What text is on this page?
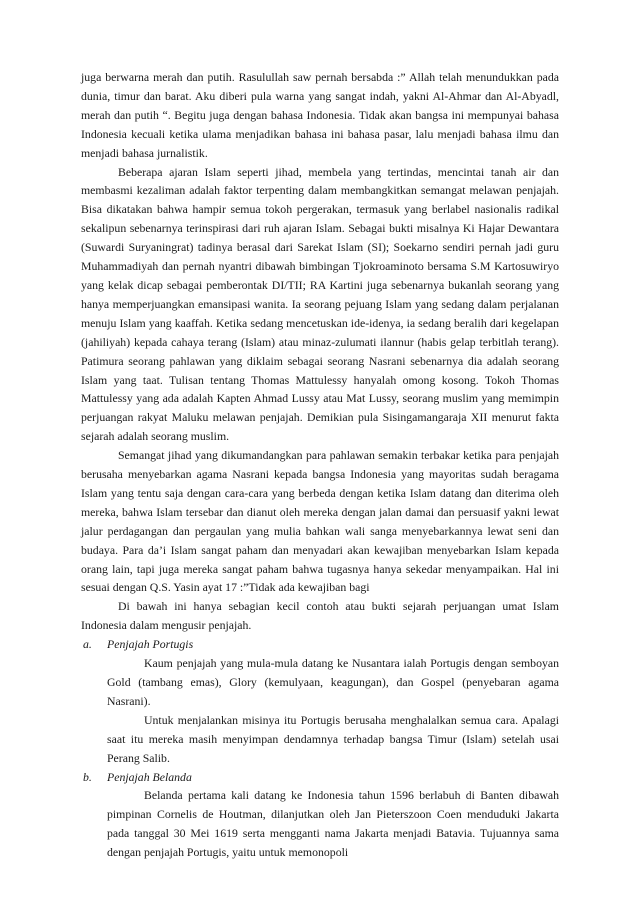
juga berwarna merah dan putih. Rasulullah saw pernah bersabda :” Allah telah menundukkan pada dunia, timur dan barat. Aku diberi pula warna yang sangat indah, yakni Al-Ahmar dan Al-Abyadl, merah dan putih “. Begitu juga dengan bahasa Indonesia. Tidak akan bangsa ini mempunyai bahasa Indonesia kecuali ketika ulama menjadikan bahasa ini bahasa pasar, lalu menjadi bahasa ilmu dan menjadi bahasa jurnalistik.

Beberapa ajaran Islam seperti jihad, membela yang tertindas, mencintai tanah air dan membasmi kezaliman adalah faktor terpenting dalam membangkitkan semangat melawan penjajah. Bisa dikatakan bahwa hampir semua tokoh pergerakan, termasuk yang berlabel nasionalis radikal sekalipun sebenarnya terinspirasi dari ruh ajaran Islam. Sebagai bukti misalnya Ki Hajar Dewantara (Suwardi Suryaningrat) tadinya berasal dari Sarekat Islam (SI); Soekarno sendiri pernah jadi guru Muhammadiyah dan pernah nyantri dibawah bimbingan Tjokroaminoto bersama S.M Kartosuwiryo yang kelak dicap sebagai pemberontak DI/TII; RA Kartini juga sebenarnya bukanlah seorang yang hanya memperjuangkan emansipasi wanita. Ia seorang pejuang Islam yang sedang dalam perjalanan menuju Islam yang kaaffah. Ketika sedang mencetuskan ide-idenya, ia sedang beralih dari kegelapan (jahiliyah) kepada cahaya terang (Islam) atau minaz-zulumati ilannur (habis gelap terbitlah terang). Patimura seorang pahlawan yang diklaim sebagai seorang Nasrani sebenarnya dia adalah seorang Islam yang taat. Tulisan tentang Thomas Mattulessy hanyalah omong kosong. Tokoh Thomas Mattulessy yang ada adalah Kapten Ahmad Lussy atau Mat Lussy, seorang muslim yang memimpin perjuangan rakyat Maluku melawan penjajah. Demikian pula Sisingamangaraja XII menurut fakta sejarah adalah seorang muslim.

Semangat jihad yang dikumandangkan para pahlawan semakin terbakar ketika para penjajah berusaha menyebarkan agama Nasrani kepada bangsa Indonesia yang mayoritas sudah beragama Islam yang tentu saja dengan cara-cara yang berbeda dengan ketika Islam datang dan diterima oleh mereka, bahwa Islam tersebar dan dianut oleh mereka dengan jalan damai dan persuasif yakni lewat jalur perdagangan dan pergaulan yang mulia bahkan wali sanga menyebarkannya lewat seni dan budaya. Para da’i Islam sangat paham dan menyadari akan kewajiban menyebarkan Islam kepada orang lain, tapi juga mereka sangat paham bahwa tugasnya hanya sekedar menyampaikan. Hal ini sesuai dengan Q.S. Yasin ayat 17 :”Tidak ada kewajiban bagi

Di bawah ini hanya sebagian kecil contoh atau bukti sejarah perjuangan umat Islam Indonesia dalam mengusir penjajah.

a. Penjajah Portugis

Kaum penjajah yang mula-mula datang ke Nusantara ialah Portugis dengan semboyan Gold (tambang emas), Glory (kemulyaan, keagungan), dan Gospel (penyebaran agama Nasrani).

Untuk menjalankan misinya itu Portugis berusaha menghalalkan semua cara. Apalagi saat itu mereka masih menyimpan dendamnya terhadap bangsa Timur (Islam) setelah usai Perang Salib.

b. Penjajah Belanda

Belanda pertama kali datang ke Indonesia tahun 1596 berlabuh di Banten dibawah pimpinan Cornelis de Houtman, dilanjutkan oleh Jan Pieterszoon Coen menduduki Jakarta pada tanggal 30 Mei 1619 serta mengganti nama Jakarta menjadi Batavia. Tujuannya sama dengan penjajah Portugis, yaitu untuk memonopoli
